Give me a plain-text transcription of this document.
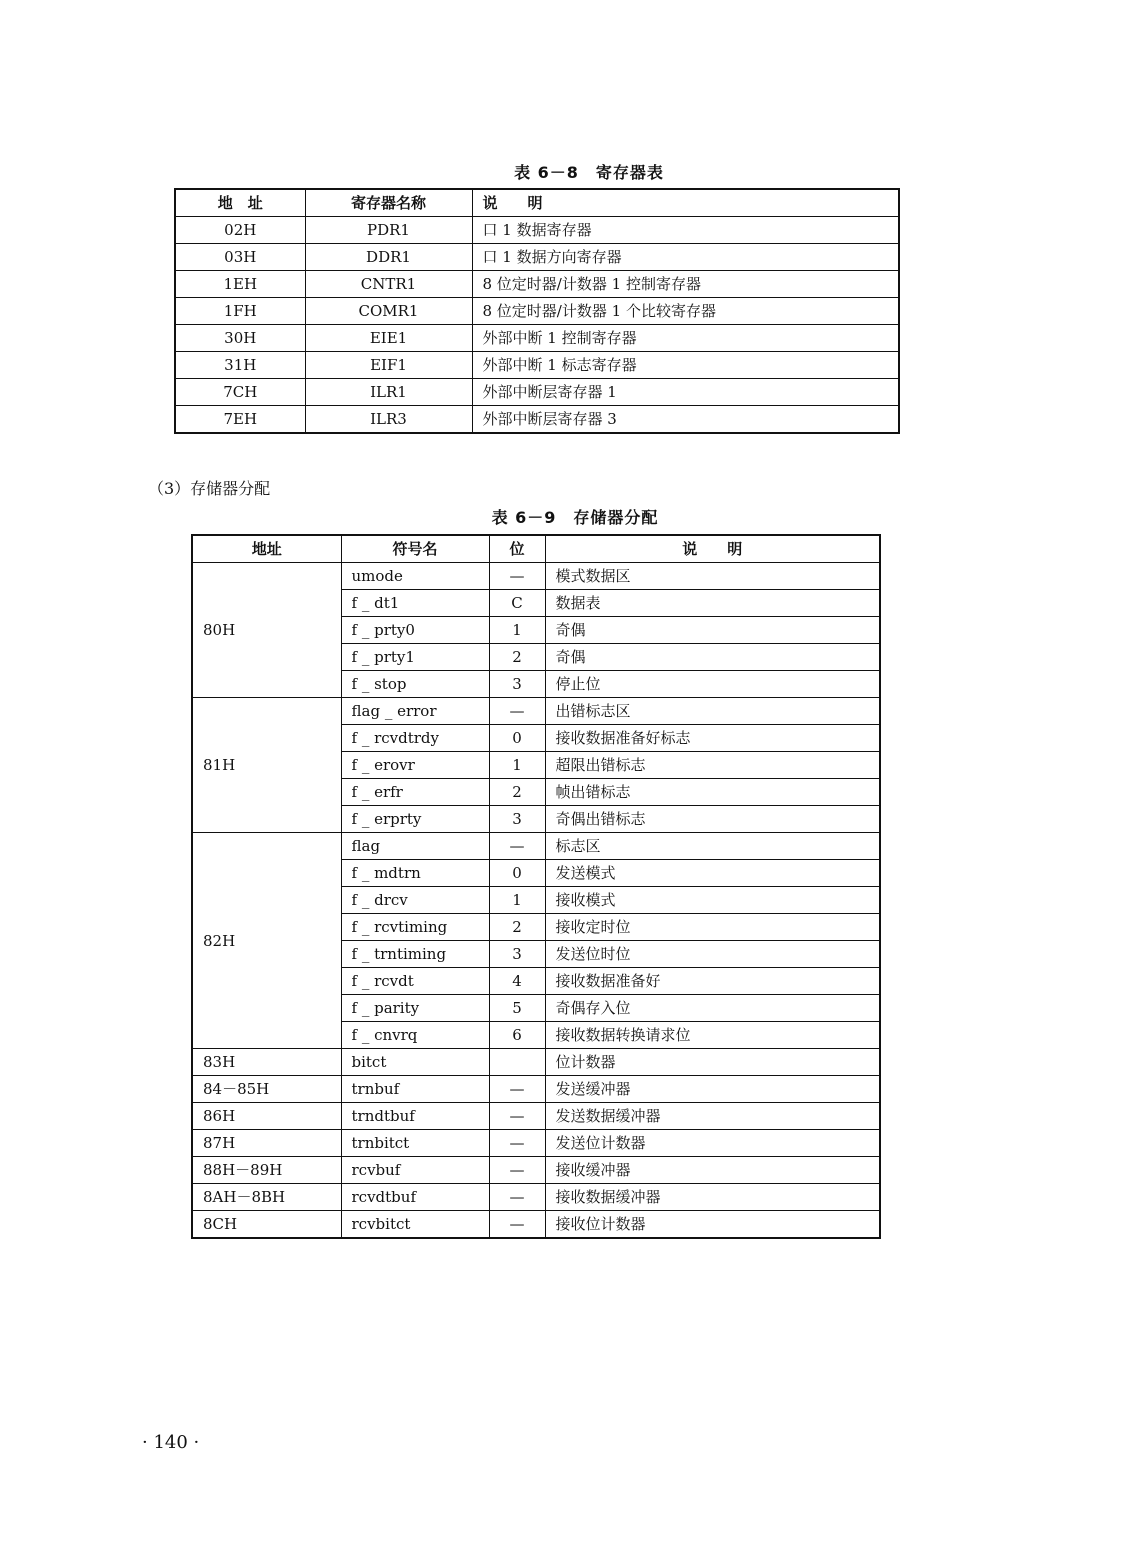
表 6－8　寄存器表
地　址	寄存器名称	说　　明
02H	PDR1	口 1 数据寄存器
03H	DDR1	口 1 数据方向寄存器
1EH	CNTR1	8 位定时器/计数器 1 控制寄存器
1FH	COMR1	8 位定时器/计数器 1 个比较寄存器
30H	EIE1	外部中断 1 控制寄存器
31H	EIF1	外部中断 1 标志寄存器
7CH	ILR1	外部中断层寄存器 1
7EH	ILR3	外部中断层寄存器 3
（3）存储器分配
表 6－9　存储器分配
地址	符号名	位	说　　明
80H	umode	—	模式数据区
	f _ dt1	C	数据表
	f _ prty0	1	奇偶
	f _ prty1	2	奇偶
	f _ stop	3	停止位
81H	flag _ error	—	出错标志区
	f _ rcvdtrdy	0	接收数据准备好标志
	f _ erovr	1	超限出错标志
	f _ erfr	2	帧出错标志
	f _ erprty	3	奇偶出错标志
82H	flag	—	标志区
	f _ mdtrn	0	发送模式
	f _ drcv	1	接收模式
	f _ rcvtiming	2	接收定时位
	f _ trntiming	3	发送位时位
	f _ rcvdt	4	接收数据准备好
	f _ parity	5	奇偶存入位
	f _ cnvrq	6	接收数据转换请求位
83H	bitct		位计数器
84－85H	trnbuf	—	发送缓冲器
86H	trndtbuf	—	发送数据缓冲器
87H	trnbitct	—	发送位计数器
88H－89H	rcvbuf	—	接收缓冲器
8AH－8BH	rcvdtbuf	—	接收数据缓冲器
8CH	rcvbitct	—	接收位计数器
· 140 ·
